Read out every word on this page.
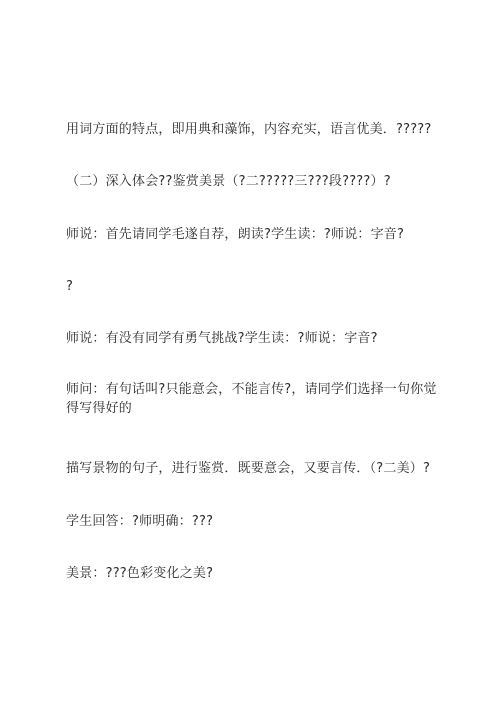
用词方面的特点，即用典和藻饰，内容充实，语言优美．?????
（二）深入体会??鉴赏美景（?二?????三???段????）?
师说：首先请同学毛遂自荐，朗读?学生读：?师说：字音?
?
师说：有没有同学有勇气挑战?学生读：?师说：字音?
师问：有句话叫?只能意会，不能言传?，请同学们选择一句你觉
得写得好的
描写景物的句子，进行鉴赏．既要意会，又要言传．（?二美）?
学生回答：?师明确：???
美景：???色彩变化之美?
